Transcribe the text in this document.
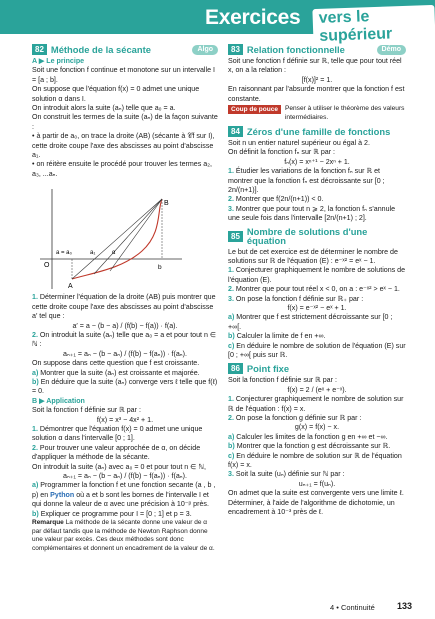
Exercices	vers le supérieur
82 Méthode de la sécante	Algo

A ▶ Le principe

Soit une fonction f continue et monotone sur un intervalle I = [a ; b].

On suppose que l'équation f(x) = 0 admet une unique solution α dans I.

On introduit alors la suite (aₙ) telle que a₀ = a.

On construit les termes de la suite (aₙ) de la façon suivante :

• à partir de a₀, on trace la droite (AB) (sécante à 𝒞f sur I), cette droite coupe l'axe des abscisses au point d'abscisse a₁.

• on réitère ensuite le procédé pour trouver les termes a₂, a₃, ...aₙ.

B
A
O
a = a₀	a₁	α
b

1. Déterminer l'équation de la droite (AB) puis montrer que cette droite coupe l'axe des abscisses au point d'abscisse a′ tel que :

a′ = a − (b − a) / (f(b) − f(a)) · f(a).

2. On introduit la suite (aₙ) telle que a₀ = a et pour tout n ∈ ℕ :

aₙ₊₁ = aₙ − (b − aₙ) / (f(b) − f(aₙ)) · f(aₙ).

On suppose dans cette question que f est croissante.

a) Montrer que la suite (aₙ) est croissante et majorée.

b) En déduire que la suite (aₙ) converge vers ℓ telle que f(ℓ) = 0.

B ▶ Application

Soit la fonction f définie sur ℝ par :

f(x) = x³ − 4x² + 1.

1. Démontrer que l'équation f(x) = 0 admet une unique solution α dans l'intervalle [0 ; 1].

2. Pour trouver une valeur approchée de α, on décide d'appliquer la méthode de la sécante.

On introduit la suite (aₙ) avec a₀ = 0 et pour tout n ∈ ℕ,

aₙ₊₁ = aₙ − (b − aₙ) / (f(b) − f(aₙ)) · f(aₙ).

a) Programmer la fonction f et une fonction secante (a , b , p) en Python où a et b sont les bornes de l'intervalle I et qui donne la valeur de α avec une précision à 10⁻ᵖ près.

b) Expliquer ce programme pour I = [0 ; 1] et p = 3.

Remarque La méthode de la sécante donne une valeur de α par défaut tandis que la méthode de Newton Raphson donne une valeur par excès. Ces deux méthodes sont donc complémentaires et donnent un encadrement de la valeur de α.

83 Relation fonctionnelle	Démo

Soit une fonction f définie sur ℝ, telle que pour tout réel x, on a la relation :

[f(x)]² = 1.

En raisonnant par l'absurde montrer que la fonction f est constante.

Coup de pouce	Penser à utiliser le théorème des valeurs intermédiaires.
84 Zéros d'une famille de fonctions

Soit n un entier naturel supérieur ou égal à 2.

On définit la fonction fₙ sur ℝ par :

fₙ(x) = xⁿ⁺¹ − 2xⁿ + 1.

1. Étudier les variations de la fonction fₙ sur ℝ et montrer que la fonction fₙ est décroissante sur [0 ; 2n/(n+1)].

2. Montrer que f(2n/(n+1)) < 0.

3. Montrer que pour tout n ⩾ 2, la fonction fₙ s'annule une seule fois dans l'intervalle [2n/(n+1) ; 2].

85 Nombre de solutions d'une équation

Le but de cet exercice est de déterminer le nombre de solutions sur ℝ de l'équation (E) : e⁻ˣ² = eˣ − 1.

1. Conjecturer graphiquement le nombre de solutions de l'équation (E).

2. Montrer que pour tout réel x < 0, on a : e⁻ˣ² > eˣ − 1.

3. On pose la fonction f définie sur ℝ₊ par :

f(x) = e⁻ˣ² − eˣ + 1.

a) Montrer que f est strictement décroissante sur [0 ; +∞[.

b) Calculer la limite de f en +∞.

c) En déduire le nombre de solution de l'équation (E) sur [0 ; +∞[ puis sur ℝ.

86 Point fixe

Soit la fonction f définie sur ℝ par :

f(x) = 2 / (eˣ + e⁻ˣ).

1. Conjecturer graphiquement le nombre de solution sur ℝ de l'équation : f(x) = x.

2. On pose la fonction g définie sur ℝ par :

g(x) = f(x) − x.

a) Calculer les limites de la fonction g en +∞ et −∞.

b) Montrer que la fonction g est décroissante sur ℝ.

c) En déduire le nombre de solution sur ℝ de l'équation f(x) = x.

3. Soit la suite (uₙ) définie sur ℕ par :

uₙ₊₁ = f(uₙ).

On admet que la suite est convergente vers une limite ℓ. Déterminer, à l'aide de l'algorithme de dichotomie, un encadrement à 10⁻³ près de ℓ.

4 • Continuité 133
